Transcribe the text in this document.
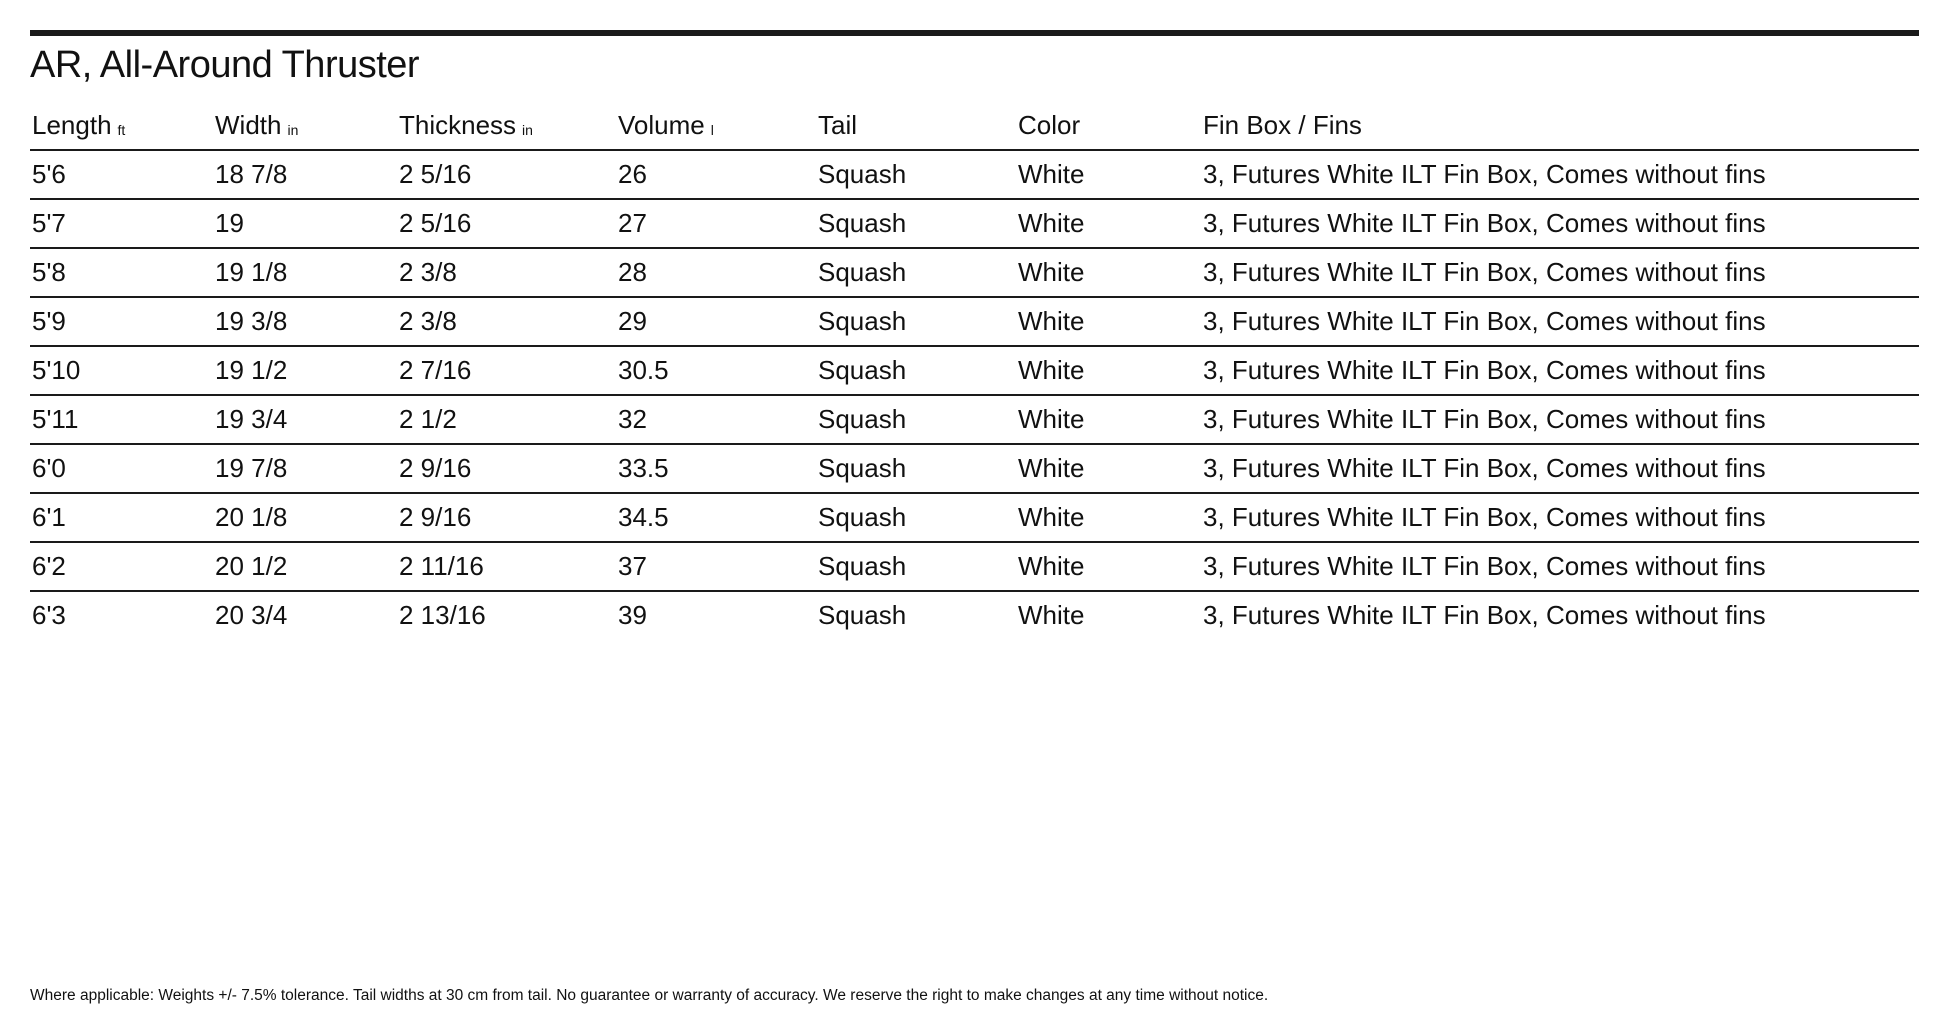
AR, All-Around Thruster
Length ft	Width in	Thickness in	Volume l	Tail	Color	Fin Box / Fins
5'6	18 7/8	2 5/16	26	Squash	White	3, Futures White ILT Fin Box, Comes without fins
5'7	19	2 5/16	27	Squash	White	3, Futures White ILT Fin Box, Comes without fins
5'8	19 1/8	2 3/8	28	Squash	White	3, Futures White ILT Fin Box, Comes without fins
5'9	19 3/8	2 3/8	29	Squash	White	3, Futures White ILT Fin Box, Comes without fins
5'10	19 1/2	2 7/16	30.5	Squash	White	3, Futures White ILT Fin Box, Comes without fins
5'11	19 3/4	2 1/2	32	Squash	White	3, Futures White ILT Fin Box, Comes without fins
6'0	19 7/8	2 9/16	33.5	Squash	White	3, Futures White ILT Fin Box, Comes without fins
6'1	20 1/8	2 9/16	34.5	Squash	White	3, Futures White ILT Fin Box, Comes without fins
6'2	20 1/2	2 11/16	37	Squash	White	3, Futures White ILT Fin Box, Comes without fins
6'3	20 3/4	2 13/16	39	Squash	White	3, Futures White ILT Fin Box, Comes without fins
Where applicable: Weights +/- 7.5% tolerance. Tail widths at 30 cm from tail. No guarantee or warranty of accuracy. We reserve the right to make changes at any time without notice.
